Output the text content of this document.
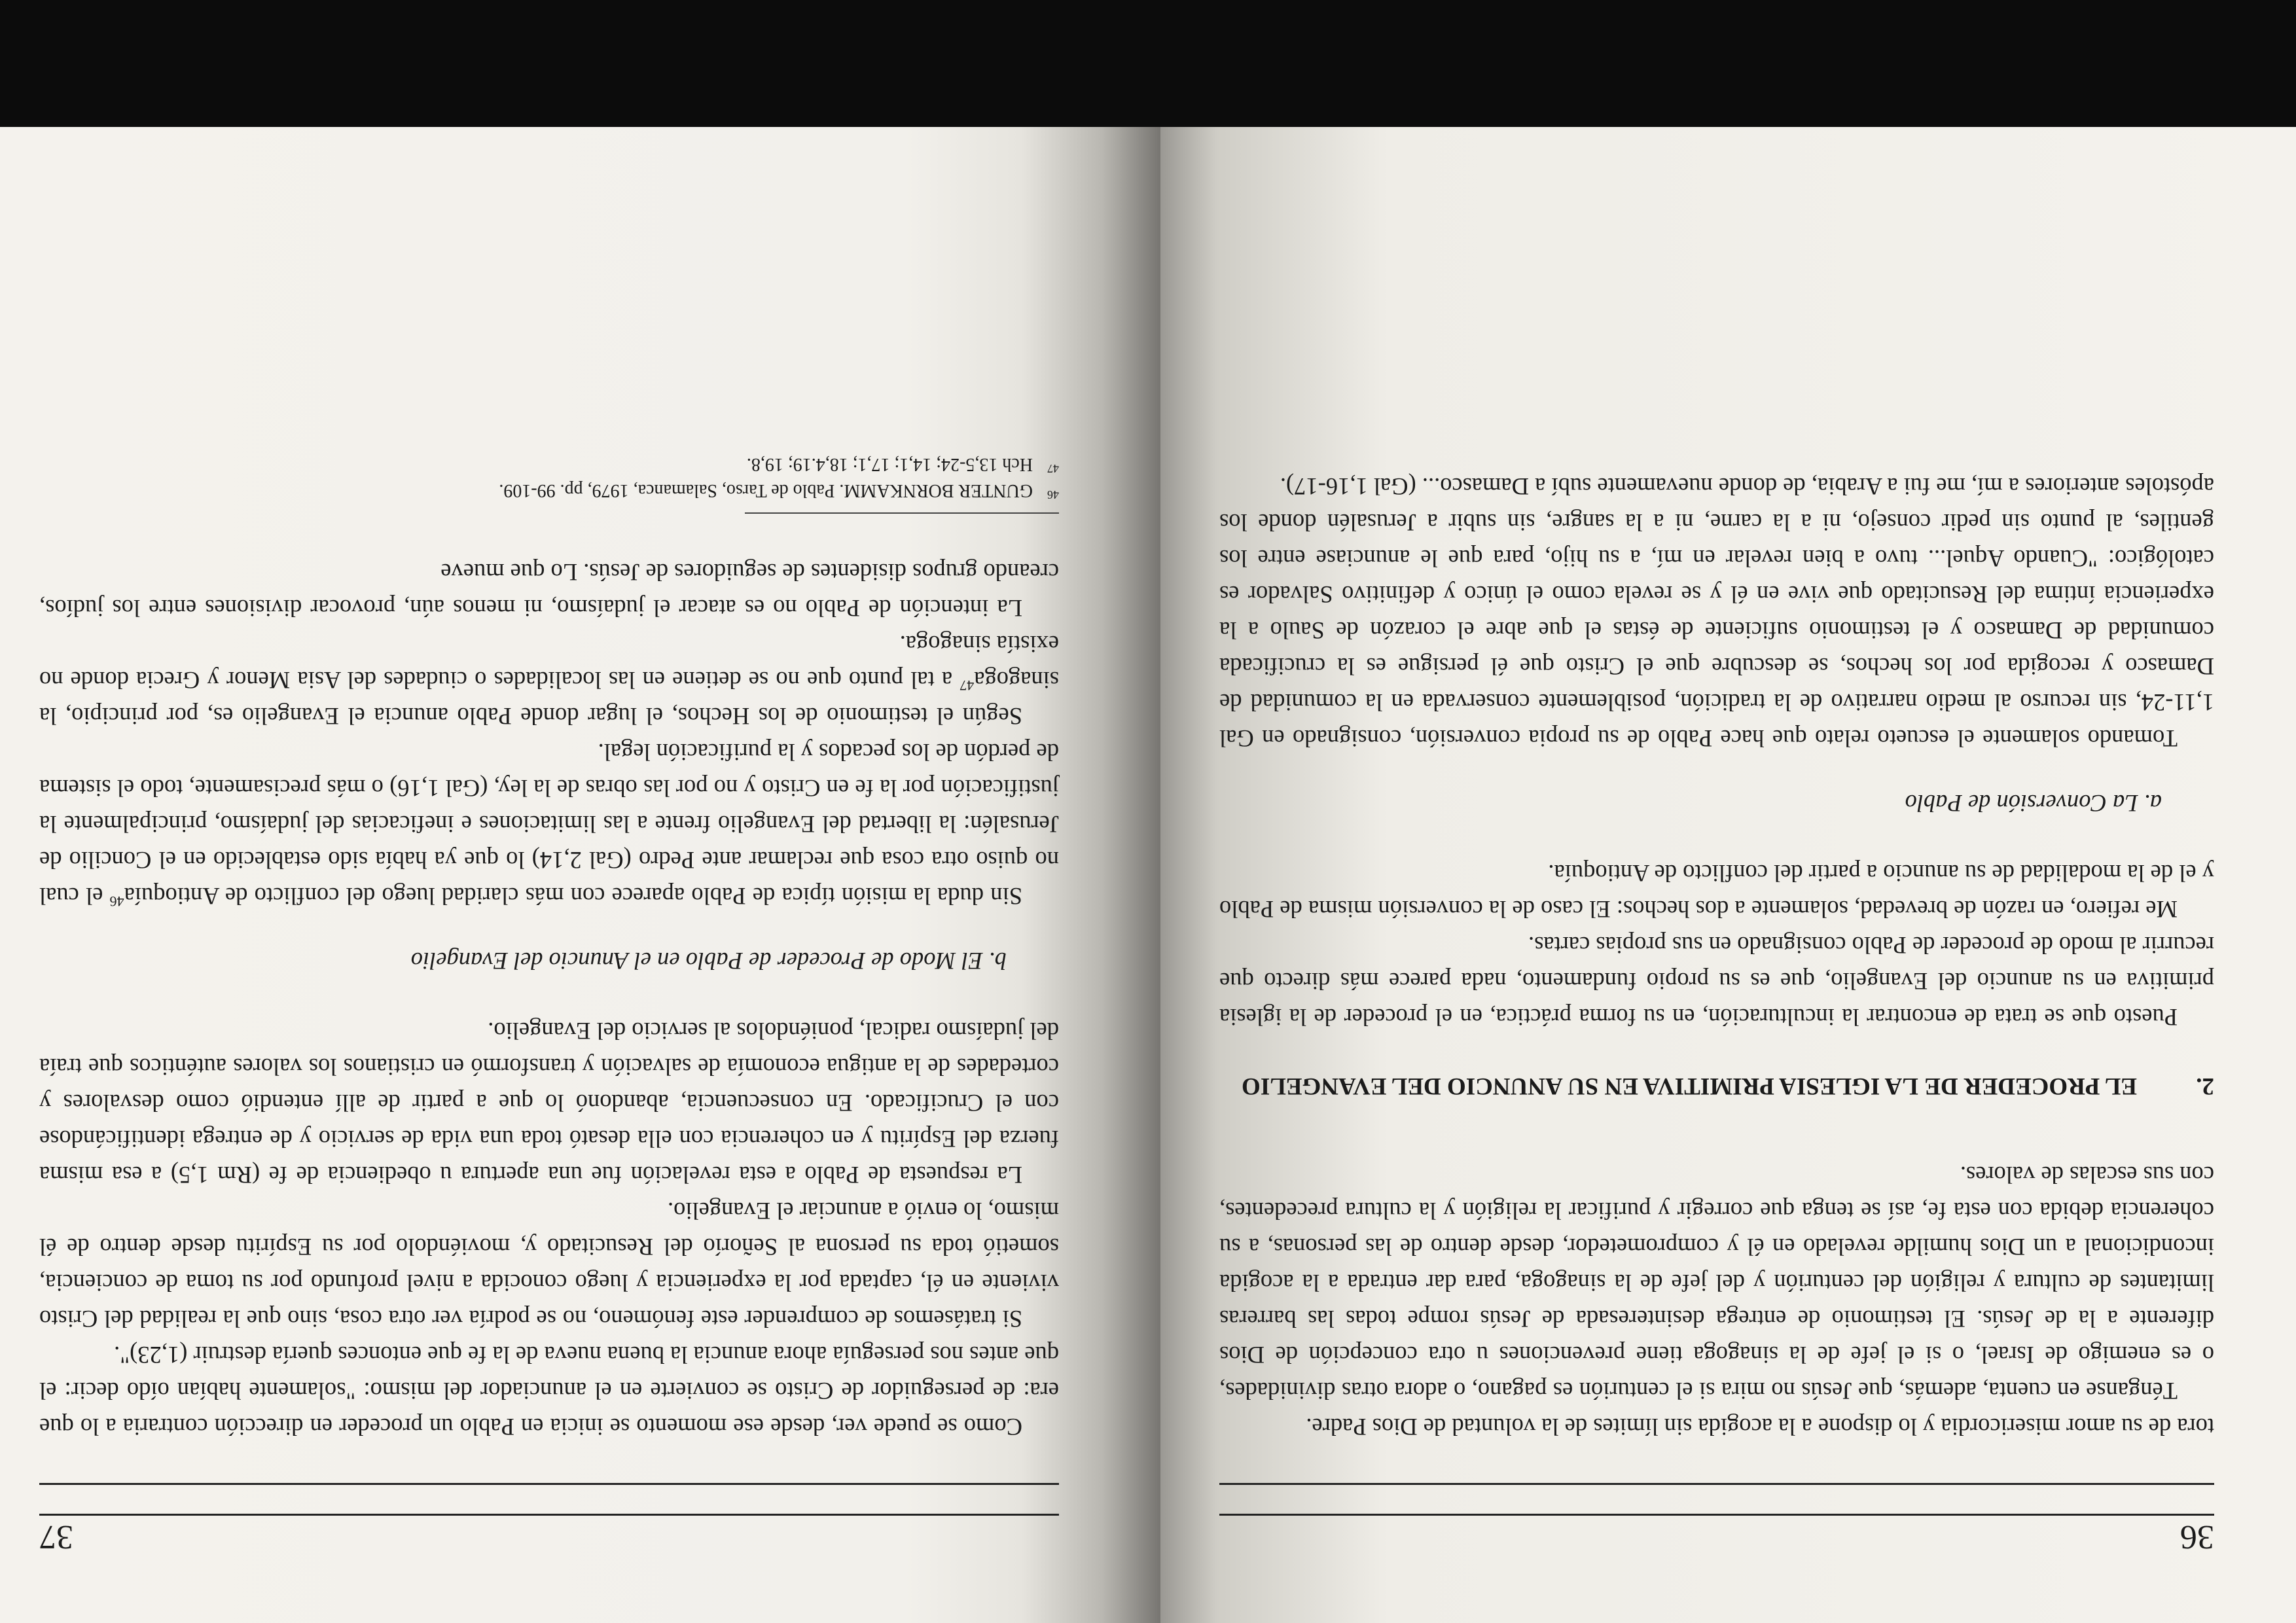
36

tora de su amor misericordia y lo dispone a la acogida sin límites de la voluntad de Dios Padre.

Ténganse en cuenta, además, que Jesús no mira si el centurión es pagano, o adora otras divinidades, o es enemigo de Israel, o si el jefe de la sinagoga tiene prevenciones u otra concepción de Dios diferente a la de Jesús. El testimonio de entrega desinteresada de Jesús rompe todas las barreras limitantes de cultura y religión del centurión y del jefe de la sinagoga, para dar entrada a la acogida incondicional a un Dios humilde revelado en él y comprometedor, desde dentro de las personas, a su coherencia debida con esta fe, así se tenga que corregir y purificar la religión y la cultura precedentes, con sus escalas de valores.

2.
EL PROCEDER DE LA IGLESIA PRIMITIVA EN SU ANUNCIO DEL EVANGELIO

Puesto que se trata de encontrar la inculturación, en su forma práctica, en el proceder de la iglesia primitiva en su anuncio del Evangelio, que es su propio fundamento, nada parece más directo que recurrir al modo de proceder de Pablo consignado en sus propias cartas.

Me refiero, en razón de brevedad, solamente a dos hechos: El caso de la conversión misma de Pablo y el de la modalidad de su anuncio a partir del conflicto de Antioquía.

a. La Conversión de Pablo

Tomando solamente el escueto relato que hace Pablo de su propia conversión, consignado en Gal 1,11-24, sin recurso al medio narrativo de la tradición, posiblemente conservada en la comunidad de Damasco y recogida por los hechos, se descubre que el Cristo que él persigue es la crucificada comunidad de Damasco y el testimonio suficiente de éstas el que abre el corazón de Saulo a la experiencia íntima del Resucitado que vive en él y se revela como el único y definitivo Salvador es catológico: "Cuando Aquel... tuvo a bien revelar en mí, a su hijo, para que le anunciase entre los gentiles, al punto sin pedir consejo, ni a la carne, ni a la sangre, sin subir a Jerusalén donde los apóstoles anteriores a mí, me fui a Arabia, de donde nuevamente subí a Damasco... (Gal 1,16-17).

37

Como se puede ver, desde ese momento se inicia en Pablo un proceder en dirección contraria a lo que era: de perseguidor de Cristo se convierte en el anunciador del mismo: "solamente habían oído decir: el que antes nos perseguía ahora anuncia la buena nueva de la fe que entonces quería destruir (1,23)".

Si tratásemos de comprender este fenómeno, no se podría ver otra cosa, sino que la realidad del Cristo viviente en él, captada por la experiencia y luego conocida a nivel profundo por su toma de conciencia, sometió toda su persona al Señorío del Resucitado y, moviéndolo por su Espíritu desde dentro de él mismo, lo envió a anunciar el Evangelio.

La respuesta de Pablo a esta revelación fue una apertura u obediencia de fe (Rm 1,5) a esa misma fuerza del Espíritu y en coherencia con ella desató toda una vida de servicio y de entrega identificándose con el Crucificado. En consecuencia, abandonó lo que a partir de allí entendió como desvalores y cortedades de la antigua economía de salvación y transformó en cristianos los valores auténticos que traía del judaísmo radical, poniéndolos al servicio del Evangelio.

b. El Modo de Proceder de Pablo en el Anuncio del Evangelio

Sin duda la misión típica de Pablo aparece con más claridad luego del conflicto de Antioquía$^{46}$ el cual no quiso otra cosa que reclamar ante Pedro (Gal 2,14) lo que ya había sido establecido en el Concilio de Jerusalén: la libertad del Evangelio frente a las limitaciones e ineficacias del judaísmo, principalmente la justificación por la fe en Cristo y no por las obras de la ley, (Gal 1,16) o más precisamente, todo el sistema de perdón de los pecados y la purificación legal.

Según el testimonio de los Hechos, el lugar donde Pablo anuncia el Evangelio es, por principio, la sinagoga$^{47}$ a tal punto que no se detiene en las localidades o ciudades del Asia Menor y Grecia donde no existía sinagoga.

La intención de Pablo no es atacar el judaísmo, ni menos aún, provocar divisiones entre los judíos, creando grupos disidentes de seguidores de Jesús. Lo que mueve

46
GUNTER BORNKAMM. Pablo de Tarso, Salamanca, 1979, pp. 99-109.
47
Hch 13,5-24; 14,1; 17,1; 18,4.19; 19,8.
